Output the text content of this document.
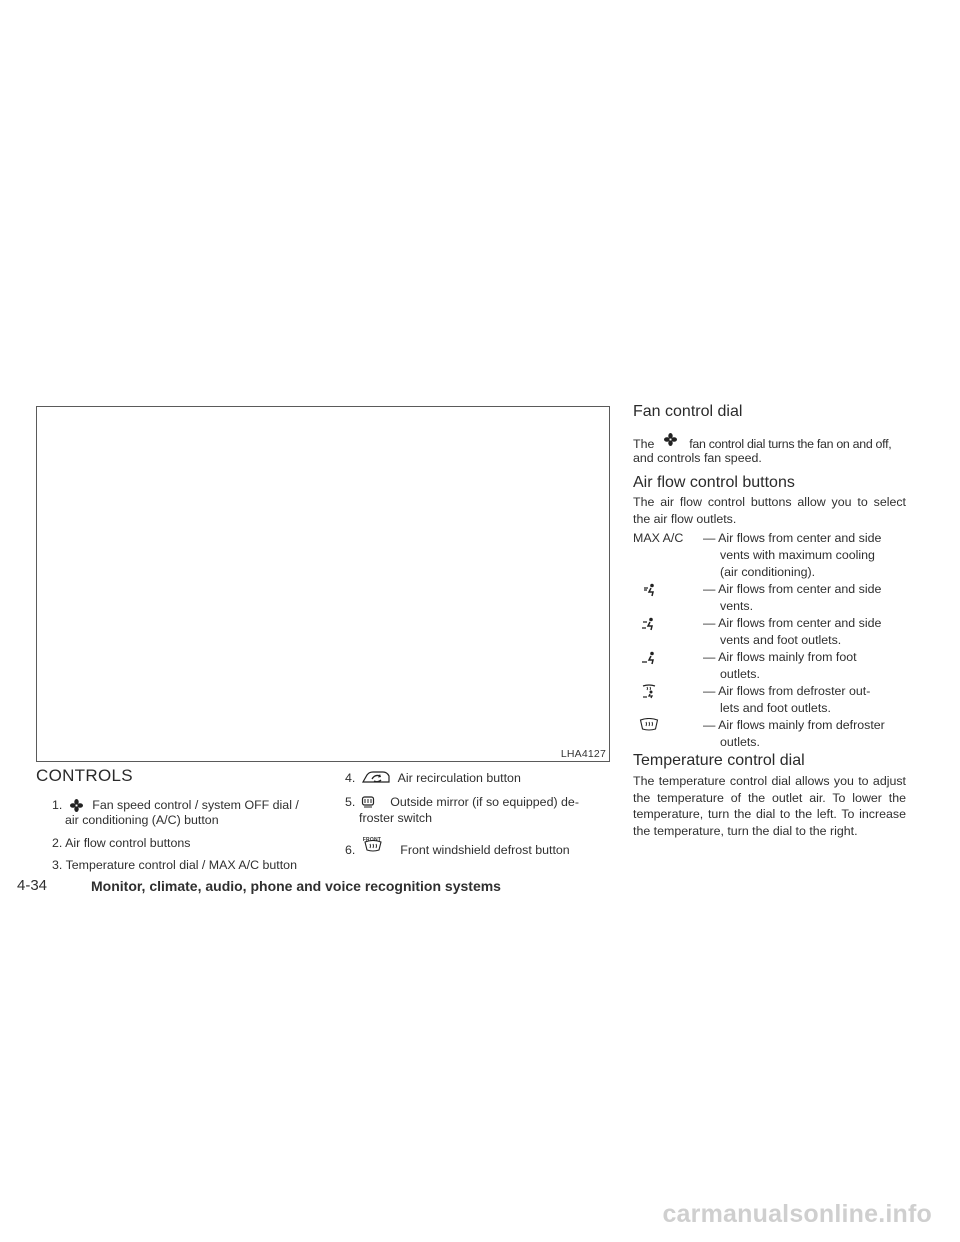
LHA4127
CONTROLS
1. Fan speed control / system OFF dial /
air conditioning (A/C) button
2. Air flow control buttons
3. Temperature control dial / MAX A/C button
4.	Air recirculation button
5.	Outside mirror (if so equipped) de-
froster switch
6.
FRONT
Front windshield defrost button
Fan control dial
The	fan control dial turns the fan on and off,
and controls fan speed.
Air flow control buttons

The air flow control buttons allow you to select the air flow outlets.

MAX A/C — Air flows from center and side
vents with maximum cooling
(air conditioning).
— Air flows from center and side
vents.
— Air flows from center and side
vents and foot outlets.
— Air flows mainly from foot
outlets.
— Air flows from defroster out-
lets and foot outlets.
— Air flows mainly from defroster
outlets.
Temperature control dial

The temperature control dial allows you to adjust the temperature of the outlet air. To lower the temperature, turn the dial to the left. To increase the temperature, turn the dial to the right.

4-34	Monitor, climate, audio, phone and voice recognition systems
carmanualsonline.info
